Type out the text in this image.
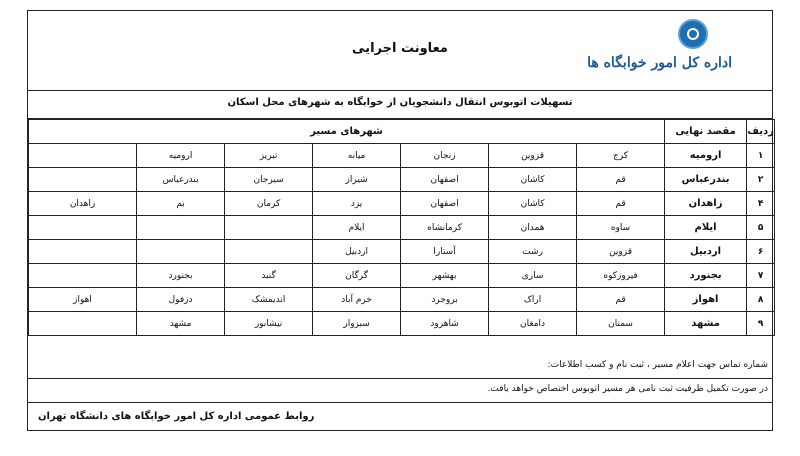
معاونت اجرایی
اداره کل امور خوابگاه ها
تسهیلات اتوبوس انتقال دانشجویان از خوابگاه به شهرهای محل اسکان
ردیف	مقصد نهایی	شهرهای مسیر						
۱	ارومیه	کرج	قزوین	زنجان	میانه	تبریز	ارومیه	
۲	بندرعباس	قم	کاشان	اصفهان	شیراز	سیرجان	بندرعباس	
۴	زاهدان	قم	کاشان	اصفهان	یزد	کرمان	بم	زاهدان
۵	ایلام	ساوه	همدان	کرمانشاه	ایلام			
۶	اردبیل	قزوین	رشت	آستارا	اردبیل			
۷	بجنورد	فیروزکوه	ساری	بهشهر	گرگان	گنبد	بجنورد	
۸	اهواز	قم	اراک	بروجرد	خرم آباد	اندیمشک	دزفول	اهواز
۹	مشهد	سمنان	دامغان	شاهرود	سبزوار	نیشابور	مشهد	
شماره تماس جهت اعلام مسیر ، ثبت نام و کسب اطلاعات:
در صورت تکمیل ظرفیت ثبت نامی هر مسیر اتوبوس اختصاص خواهد یافت.
روابط عمومی اداره کل امور خوابگاه های دانشگاه تهران
